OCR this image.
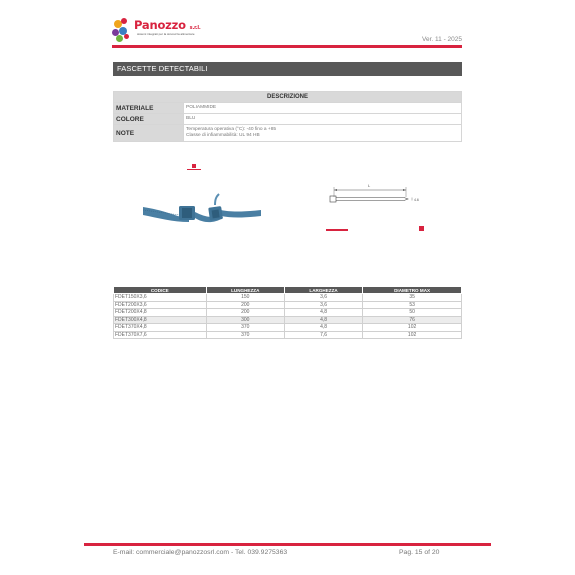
Panozzo s.r.l.
sistemi integrati per la sicurezza alimentare
Ver. 11 - 2025
FASCETTE DETECTABILI
DESCRIZIONE	
MATERIALE	POLIAMMIDE
COLORE	BLU
NOTE	Temperatura operativa (°C): -40 fino a +85
Classe di infiammabilità: UL 94 HB
L
4.6
CODICE	LUNGHEZZA	LARGHEZZA	DIAMETRO MAX
FDET150X3,6	150	3,6	35
FDET200X3,6	200	3,6	53
FDET200X4,8	200	4,8	50
FDET300X4,8	300	4,8	76
FDET370X4,8	370	4,8	102
FDET370X7,6	370	7,6	102
E-mail: commerciale@panozzosrl.com - Tel. 039.9275363	Pag. 15 of 20
